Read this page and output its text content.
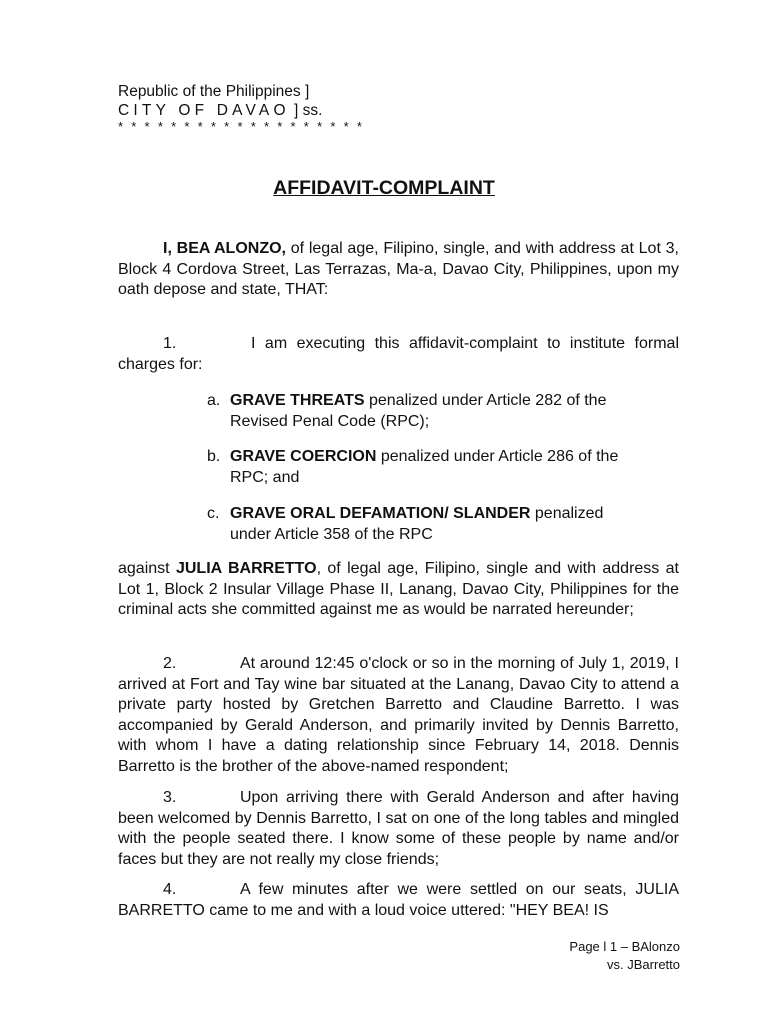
Republic of the Philippines ]
CITY OF DAVAO ] ss.
* * * * * * * * * * * * * * * * * * *
AFFIDAVIT-COMPLAINT

I, BEA ALONZO, of legal age, Filipino, single, and with address at Lot 3, Block 4 Cordova Street, Las Terrazas, Ma-a, Davao City, Philippines, upon my oath depose and state, THAT:

1.	I am executing this affidavit-complaint to institute formal charges for:

a. GRAVE THREATS penalized under Article 282 of the
Revised Penal Code (RPC);
b. GRAVE COERCION penalized under Article 286 of the
RPC; and
c. GRAVE ORAL DEFAMATION/ SLANDER penalized
under Article 358 of the RPC

against JULIA BARRETTO, of legal age, Filipino, single and with address at Lot 1, Block 2 Insular Village Phase II, Lanang, Davao City, Philippines for the criminal acts she committed against me as would be narrated hereunder;

2.	At around 12:45 o'clock or so in the morning of July 1, 2019, I arrived at Fort and Tay wine bar situated at the Lanang, Davao City to attend a private party hosted by Gretchen Barretto and Claudine Barretto. I was accompanied by Gerald Anderson, and primarily invited by Dennis Barretto, with whom I have a dating relationship since February 14, 2018. Dennis Barretto is the brother of the above-named respondent;

3.	Upon arriving there with Gerald Anderson and after having been welcomed by Dennis Barretto, I sat on one of the long tables and mingled with the people seated there. I know some of these people by name and/or faces but they are not really my close friends;

4.	A few minutes after we were settled on our seats, JULIA BARRETTO came to me and with a loud voice uttered: "HEY BEA! IS

Page l 1 – BAlonzo
vs. JBarretto
